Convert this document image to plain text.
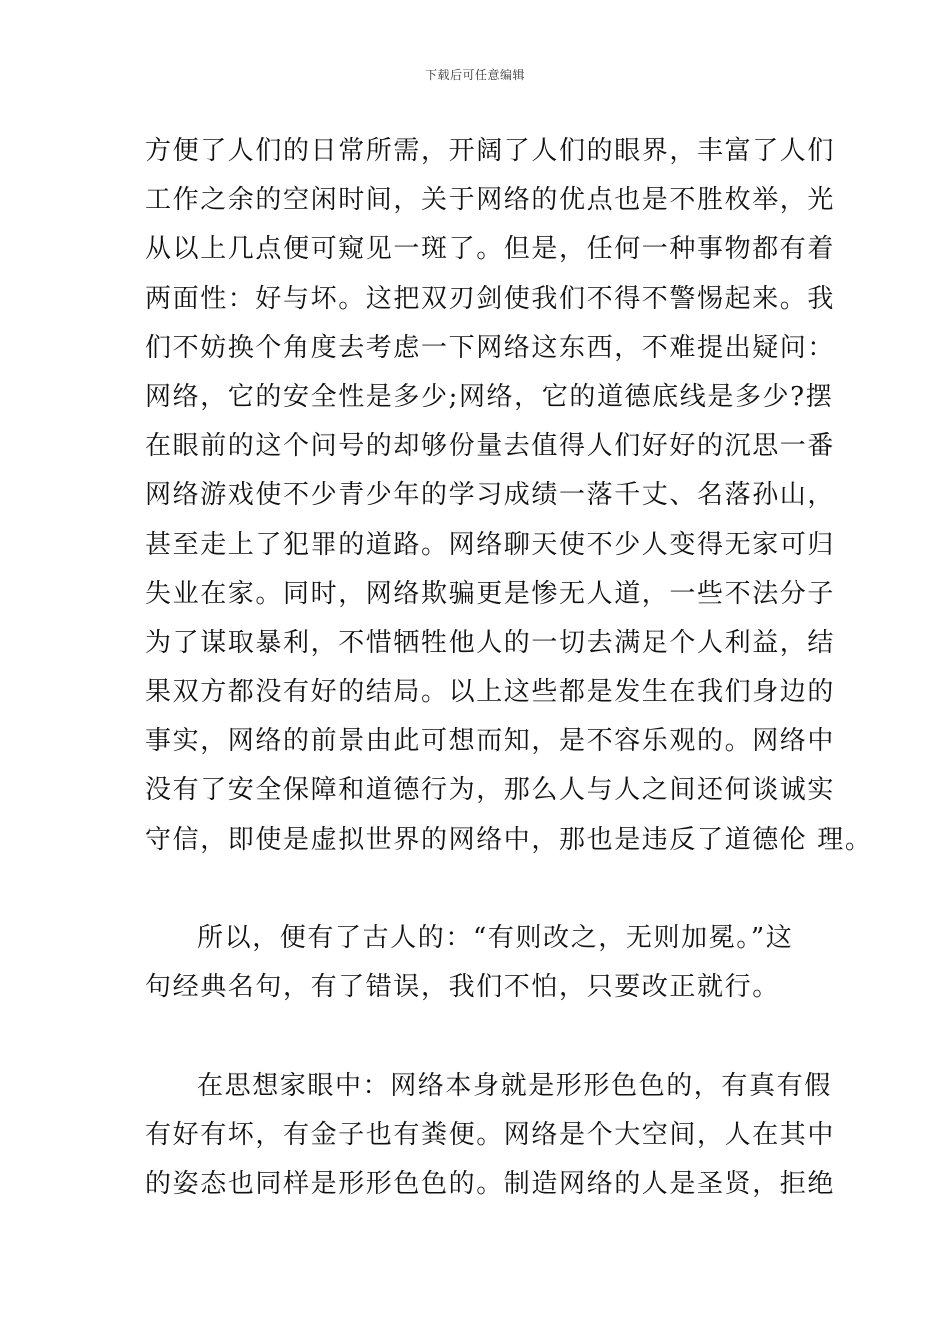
下载后可任意编辑
方便了人们的日常所需，开阔了人们的眼界，丰富了人们
工作之余的空闲时间，关于网络的优点也是不胜枚举，光
从以上几点便可窥见一斑了。但是，任何一种事物都有着
两面性：好与坏。这把双刃剑使我们不得不警惕起来。我
们不妨换个角度去考虑一下网络这东西，不难提出疑问：
网络，它的安全性是多少;网络，它的道德底线是多少?摆
在眼前的这个问号的却够份量去值得人们好好的沉思一番
网络游戏使不少青少年的学习成绩一落千丈、名落孙山，
甚至走上了犯罪的道路。网络聊天使不少人变得无家可归
失业在家。同时，网络欺骗更是惨无人道，一些不法分子
为了谋取暴利，不惜牺牲他人的一切去满足个人利益，结
果双方都没有好的结局。以上这些都是发生在我们身边的
事实，网络的前景由此可想而知，是不容乐观的。网络中
没有了安全保障和道德行为，那么人与人之间还何谈诚实
守信，即使是虚拟世界的网络中，那也是违反了道德伦 理。
所以，便有了古人的：“有则改之，无则加冕。”这
句经典名句，有了错误，我们不怕，只要改正就行。
在思想家眼中：网络本身就是形形色色的，有真有假
有好有坏，有金子也有粪便。网络是个大空间，人在其中
的姿态也同样是形形色色的。制造网络的人是圣贤，拒绝
